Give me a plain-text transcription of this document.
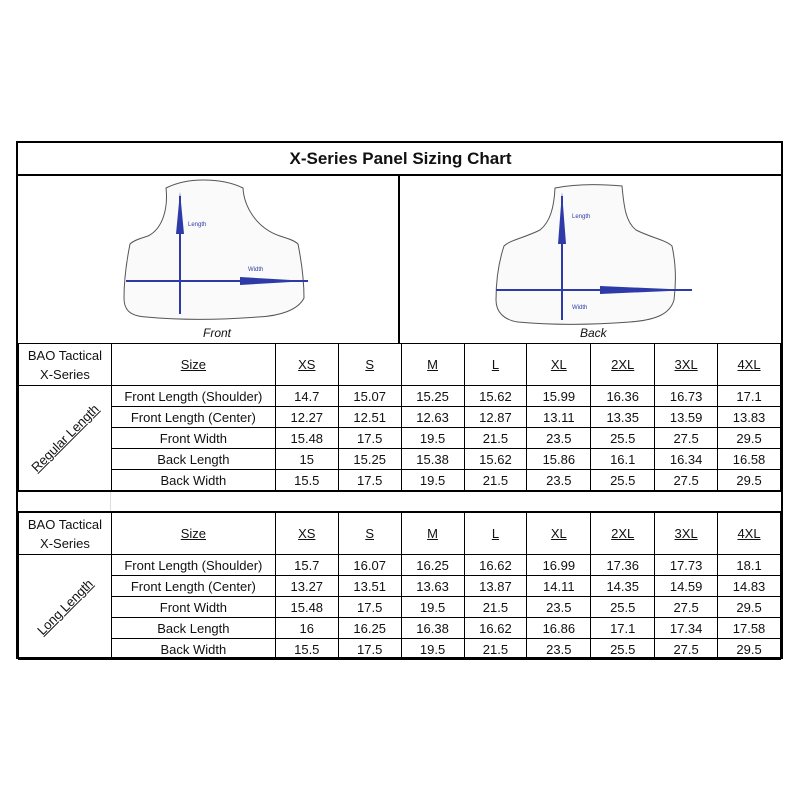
X-Series Panel Sizing Chart
Length
Width
Front
Length
Width
Back
BAO Tactical
X-Series	Size	XS	S	M	L	XL	2XL	3XL	4XL

Regular Length	Front Length (Shoulder)	14.7	15.07	15.25	15.62	15.99	16.36	16.73	17.1
	Front Length (Center)	12.27	12.51	12.63	12.87	13.11	13.35	13.59	13.83
	Front Width	15.48	17.5	19.5	21.5	23.5	25.5	27.5	29.5
	Back Length	15	15.25	15.38	15.62	15.86	16.1	16.34	16.58
	Back Width	15.5	17.5	19.5	21.5	23.5	25.5	27.5	29.5
BAO Tactical
X-Series	Size	XS	S	M	L	XL	2XL	3XL	4XL

Long Length	Front Length (Shoulder)	15.7	16.07	16.25	16.62	16.99	17.36	17.73	18.1
	Front Length (Center)	13.27	13.51	13.63	13.87	14.11	14.35	14.59	14.83
	Front Width	15.48	17.5	19.5	21.5	23.5	25.5	27.5	29.5
	Back Length	16	16.25	16.38	16.62	16.86	17.1	17.34	17.58
	Back Width	15.5	17.5	19.5	21.5	23.5	25.5	27.5	29.5
